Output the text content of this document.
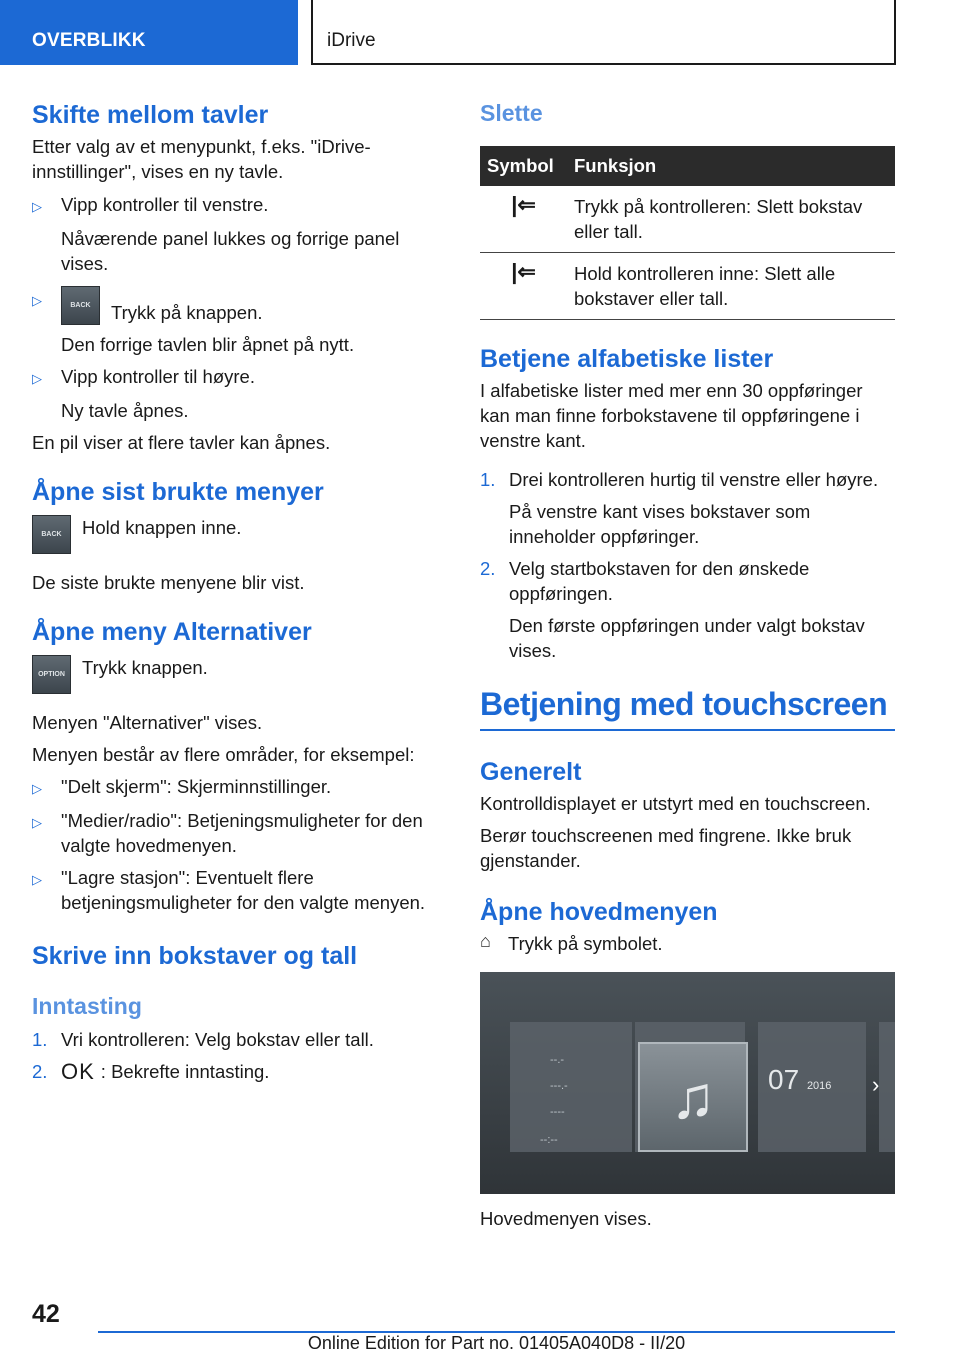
OVERBLIKK	iDrive
Skifte mellom tavler

Etter valg av et menypunkt, f.eks. "iDrive-innstillinger", vises en ny tavle.

▷	Vipp kontroller til venstre.
Nåværende panel lukkes og forrige panel vises.
▷	BACK	Trykk på knappen.
Den forrige tavlen blir åpnet på nytt.
▷	Vipp kontroller til høyre.
Ny tavle åpnes.

En pil viser at flere tavler kan åpnes.

Åpne sist brukte menyer
BACK	Hold knappen inne.

De siste brukte menyene blir vist.

Åpne meny Alternativer
OPTION Trykk knappen.

Menyen "Alternativer" vises.

Menyen består av flere områder, for eksempel:

▷	"Delt skjerm": Skjerminnstillinger.
▷	"Medier/radio": Betjeningsmuligheter for den valgte hovedmenyen.
▷	"Lagre stasjon": Eventuelt flere betjeningsmuligheter for den valgte menyen.
Skrive inn bokstaver og tall
Inntasting
1. Vri kontrolleren: Velg bokstav eller tall.
2. OK : Bekrefte inntasting.
Slette
Symbol	Funksjon
|⇐	Trykk på kontrolleren: Slett bokstav eller tall.
|⇐	Hold kontrolleren inne: Slett alle bokstaver eller tall.
Betjene alfabetiske lister

I alfabetiske lister med mer enn 30 oppføringer kan man finne forbokstavene til oppføringene i venstre kant.

1. Drei kontrolleren hurtig til venstre eller høyre.
På venstre kant vises bokstaver som inneholder oppføringer.
2. Velg startbokstaven for den ønskede oppføringen.
Den første oppføringen under valgt bokstav vises.
Betjening med touchscreen
Generelt

Kontrolldisplayet er utstyrt med en touchscreen.

Berør touchscreenen med fingrene. Ikke bruk gjenstander.

Åpne hovedmenyen
⌂ Trykk på symbolet.
♫	07 2016
--.-
---.-
----
--:--
›

Hovedmenyen vises.

42
Online Edition for Part no. 01405A040D8 - II/20
